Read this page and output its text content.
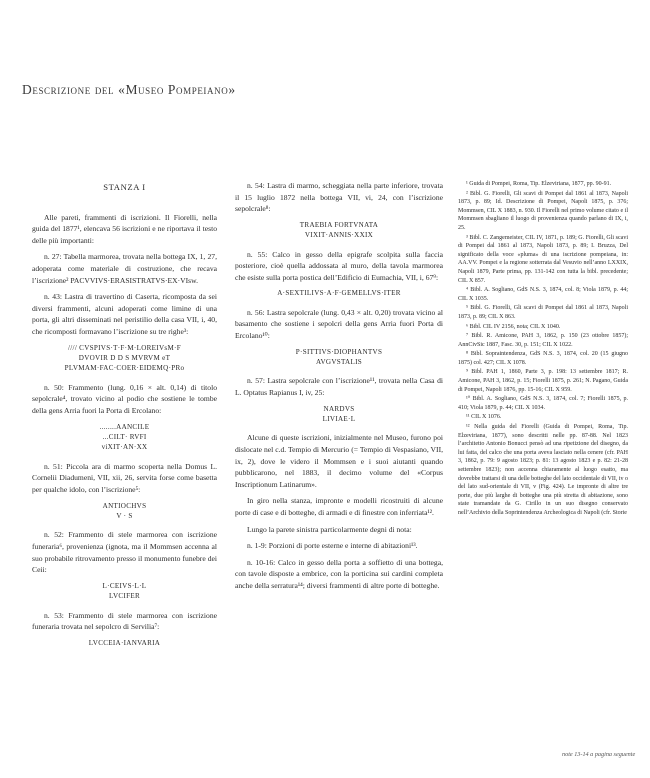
Descrizione del «Museo Pompeiano»
STANZA I

Alle pareti, frammenti di iscrizioni. Il Fiorelli, nella guida del 1877¹, elencava 56 iscrizioni e ne riportava il testo delle più importanti:

n. 27: Tabella marmorea, trovata nella bottega IX, 1, 27, adoperata come materiale di costruzione, che recava l’iscrizione² PACVVIVS·ERASISTRATVS·EX·VIsw.

n. 43: Lastra di travertino di Caserta, ricomposta da sei diversi frammenti, alcuni adoperati come limine di una porta, gli altri disseminati nel peristilio della casa VII, i, 40, che ricomposti formavano l’iscrizione su tre righe³:

//// CVSPIVS·T·F·M·LOREIVsM·F
DVOVIR D D S MVRVM eT
PLVMAM·FAC·COER·EIDEMQ·PRo

n. 50: Frammento (lung. 0,16 × alt. 0,14) di titolo sepolcrale⁴, trovato vicino al podio che sostiene le tombe della gens Arria fuori la Porta di Ercolano:

........AANCILE
...CILT· RVFI
viXIT·AN·XX

n. 51: Piccola ara di marmo scoperta nella Domus L. Cornelii Diadumeni, VII, xii, 26, servita forse come basetta per qualche idolo, con l’iscrizione⁵:

ANTIOCHVS
V · S

n. 52: Frammento di stele marmorea con iscrizione funeraria⁶, provenienza (ignota, ma il Mommsen accenna al suo probabile ritrovamento presso il monumento funebre dei Ceii:

L·CEIVS·L·L
LVCIFER

n. 53: Frammento di stele marmorea con iscrizione funeraria trovata nel sepolcro di Servilia⁷:

LVCCEIA·IANVARIA

n. 54: Lastra di marmo, scheggiata nella parte inferiore, trovata il 15 luglio 1872 nella bottega VII, vi, 24, con l’iscrizione sepolcrale⁸:

TRAEBIA FORTVNATA
VIXIT·ANNIS·XXIX

n. 55: Calco in gesso della epigrafe scolpita sulla faccia posteriore, cioè quella addossata al muro, della tavola marmorea che esiste sulla porta postica dell’Edificio di Eumachia, VII, i, 67⁹:

A·SEXTILIVS·A·F·GEMELLVS·ITER

n. 56: Lastra sepolcrale (lung. 0,43 × alt. 0,20) trovata vicino al basamento che sostiene i sepolcri della gens Arria fuori Porta di Ercolano¹⁰:

P·SITTIVS·DIOPHANTVS
AVGVSTALIS

n. 57: Lastra sepolcrale con l’iscrizione¹¹, trovata nella Casa di L. Optatus Rapianus I, iv, 25:

NARDVS
LIVIAE·L

Alcune di queste iscrizioni, inizialmente nel Museo, furono poi dislocate nel c.d. Tempio di Mercurio (= Tempio di Vespasiano, VII, ix, 2), dove le videro il Mommsen e i suoi aiutanti quando pubblicarono, nel 1883, il decimo volume del «Corpus Inscriptionum Latinarum».

In giro nella stanza, impronte e modelli ricostruiti di alcune porte di case e di botteghe, di armadi e di finestre con inferriata¹².

Lungo la parete sinistra particolarmente degni di nota:

n. 1-9: Porzioni di porte esterne e interne di abitazioni¹³.

n. 10-16: Calco in gesso della porta a soffietto di una bottega, con tavole disposte a embrice, con la porticina sui cardini completa anche della serratura¹⁴; diversi frammenti di altre porte di botteghe.

¹ Guida di Pompei, Roma, Tip. Elzeviriana, 1877, pp. 90-91.

² Bibl. G. Fiorelli, Gli scavi di Pompei dal 1861 al 1873, Napoli 1873, p. 89; Id. Descrizione di Pompei, Napoli 1875, p. 376; Mommsen, CIL X 1883, n. 930. Il Fiorelli nel primo volume citato e il Mommsen sbagliano il luogo di provenienza quando parlano di IX, i, 25.

³ Bibl. C. Zangemeister, CIL IV, 1871, p. 189; G. Fiorelli, Gli scavi di Pompei dal 1861 al 1873, Napoli 1873, p. 89; I. Bruzza, Del significato della voce «pluma» di una iscrizione pompeiana, in: AA.VV. Pompei e la regione sotterrata dal Vesuvio nell’anno LXXIX, Napoli 1879, Parte prima, pp. 131-142 con tutta la bibl. precedente; CIL X 857.

⁴ Bibl. A. Sogliano, GdS N.S. 3, 1874, col. 8; Viola 1879, p. 44; CIL X 1035.

⁵ Bibl. G. Fiorelli, Gli scavi di Pompei dal 1861 al 1873, Napoli 1873, p. 89; CIL X 863.

⁶ Bibl. CIL IV 2156, nota; CIL X 1040.

⁷ Bibl. R. Amicone, PAH 3, 1862, p. 150 (23 ottobre 1857); AnnCivSic 1887, Fasc. 30, p. 151; CIL X 1022.

⁸ Bibl. Sopraintendenza, GdS N.S. 3, 1874, col. 20 (15 giugno 1875) col. 427; CIL X 1078.

⁹ Bibl. PAH 1, 1860, Parte 3, p. 198: 13 settembre 1817; R. Amicone, PAH 3, 1862, p. 15; Fiorelli 1875, p. 261; N. Pagano, Guida di Pompei, Napoli 1876, pp. 15-16; CIL X 959.

¹⁰ Bibl. A. Sogliano, GdS N.S. 3, 1874, col. 7; Fiorelli 1875, p. 410; Viola 1879, p. 44; CIL X 1034.

¹¹ CIL X 1076.

¹² Nella guida del Fiorelli (Guida di Pompei, Roma, Tip. Elzeviriana, 1877), sono descritti nelle pp. 87-88. Nel 1823 l’architetto Antonio Bonucci pensò ad una ripetizione del disegno, da lui fatta, del calco che una porta aveva lasciato nella cenere (cfr. PAH 3, 1862, p. 79: 9 agosto 1823; p. 81: 13 agosto 1823 e p. 82: 21-28 settembre 1823); non accenna chiaramente al luogo esatto, ma dovrebbe trattarsi di una delle botteghe del lato occidentale di VII, iv o del lato sud-orientale di VII, v (Fig. 424). Le impronte di altre tre porte, due più larghe di botteghe una più stretta di abitazione, sono state tramandate da G. Cirillo in un suo disegno conservato nell’Archivio della Soprintendenza Archeologica di Napoli (cfr. Storie

note 13-14 a pagina seguente
